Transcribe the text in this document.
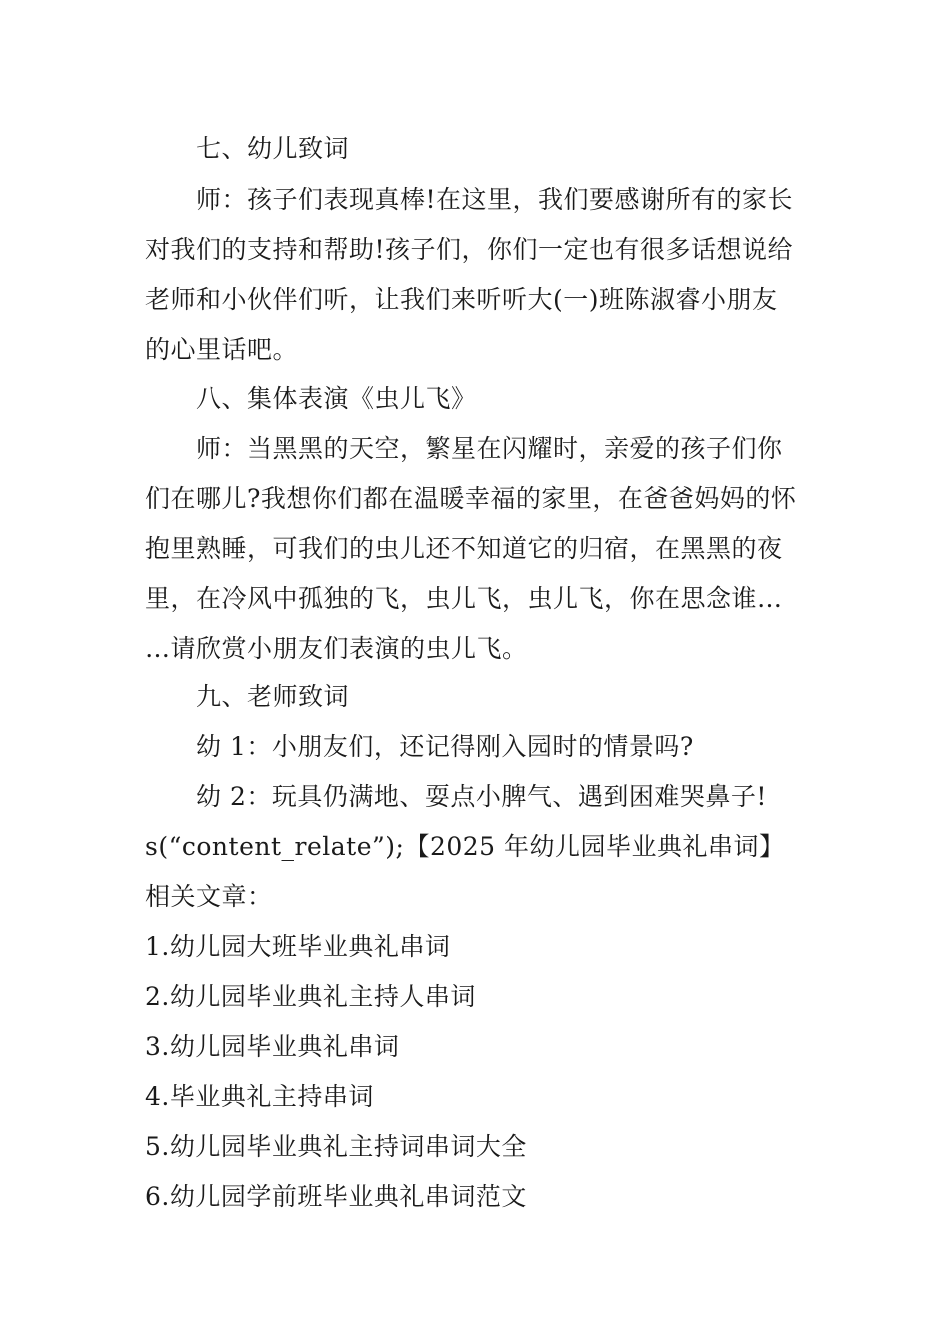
七、幼儿致词
师：孩子们表现真棒!在这里，我们要感谢所有的家长
对我们的支持和帮助!孩子们，你们一定也有很多话想说给
老师和小伙伴们听，让我们来听听大(一)班陈淑睿小朋友
的心里话吧。
八、集体表演《虫儿飞》
师：当黑黑的天空，繁星在闪耀时，亲爱的孩子们你
们在哪儿?我想你们都在温暖幸福的家里，在爸爸妈妈的怀
抱里熟睡，可我们的虫儿还不知道它的归宿，在黑黑的夜
里，在冷风中孤独的飞，虫儿飞，虫儿飞，你在思念谁…
…请欣赏小朋友们表演的虫儿飞。
九、老师致词
幼 1：小朋友们，还记得刚入园时的情景吗?
幼 2：玩具仍满地、耍点小脾气、遇到困难哭鼻子!
s(“content_relate”);【2025 年幼儿园毕业典礼串词】
相关文章：
1.幼儿园大班毕业典礼串词
2.幼儿园毕业典礼主持人串词
3.幼儿园毕业典礼串词
4.毕业典礼主持串词
5.幼儿园毕业典礼主持词串词大全
6.幼儿园学前班毕业典礼串词范文
